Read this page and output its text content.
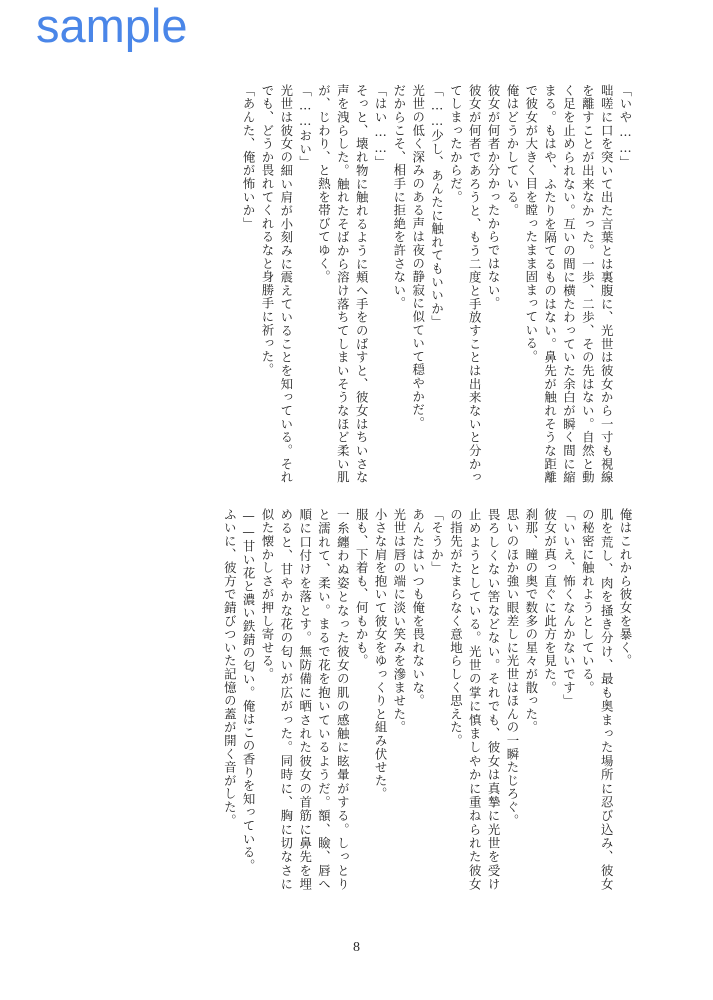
sample

「いや……」

咄嗟に口を突いて出た言葉とは裏腹に、光世は彼女から一寸も視線を離すことが出来なかった。一歩、二歩、その先はない。自然と動く足を止められない。互いの間に横たわっていた余白が瞬く間に縮まる。もはや、ふたりを隔てるものはない。鼻先が触れそうな距離で彼女が大きく目を瞠ったまま固まっている。

俺はどうかしている。

彼女が何者か分かったからではない。

彼女が何者であろうと、もう二度と手放すことは出来ないと分かってしまったからだ。

「……少し、あんたに触れてもいいか」

光世の低く深みのある声は夜の静寂に似ていて穏やかだ。

だからこそ、相手に拒絶を許さない。

「はい……」

そっと、壊れ物に触れるように頬へ手をのばすと、彼女はちいさな声を洩らした。触れたそばから溶け落ちてしまいそうなほど柔い肌が、じわり、と熱を帯びてゆく。

「……おい」

光世は彼女の細い肩が小刻みに震えていることを知っている。それでも、どうか畏れてくれるなと身勝手に祈った。

「あんた、俺が怖いか」

俺はこれから彼女を暴く。

肌を荒し、肉を掻き分け、最も奥まった場所に忍び込み、彼女の秘密に触れようとしている。

「いいえ、怖くなんかないです」

彼女が真っ直ぐに此方を見た。

刹那、瞳の奥で数多の星々が散った。

思いのほか強い眼差しに光世はほんの一瞬たじろぐ。

畏ろしくない筈などない。それでも、彼女は真摯に光世を受け止めようとしている。光世の掌に慎ましやかに重ねられた彼女の指先がたまらなく意地らしく思えた。

「そうか」

あんたはいつも俺を畏れないな。

光世は唇の端に淡い笑みを滲ませた。

小さな肩を抱いて彼女をゆっくりと組み伏せた。

服も、下着も、何もかも。

一糸纏わぬ姿となった彼女の肌の感触に眩暈がする。しっとりと濡れて、柔い。まるで花を抱いているようだ。額、瞼、唇へ順に口付けを落とす。無防備に晒された彼女の首筋に鼻先を埋めると、甘やかな花の匂いが広がった。同時に、胸に切なさに似た懐かしさが押し寄せる。

——甘い花と濃い鉄錆の匂い。俺はこの香りを知っている。

ふいに、彼方で錆びついた記憶の蓋が開く音がした。

8
